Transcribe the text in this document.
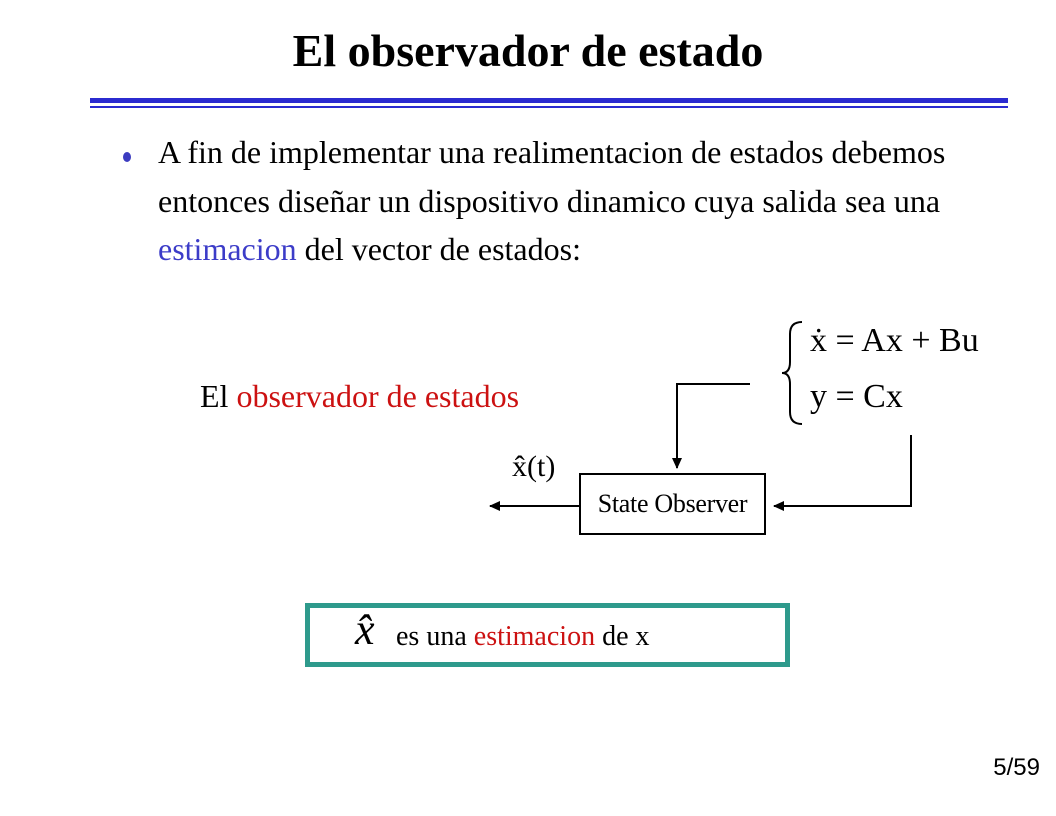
El observador de estado

A fin de implementar una realimentacion de estados debemos entonces diseñar un dispositivo dinamico cuya salida sea una estimacion del vector de estados:

El observador de estados
ẋ = Ax + Bu
y = Cx
x̂(t)
State Observer
x̂ es una estimacion de x
5/59
